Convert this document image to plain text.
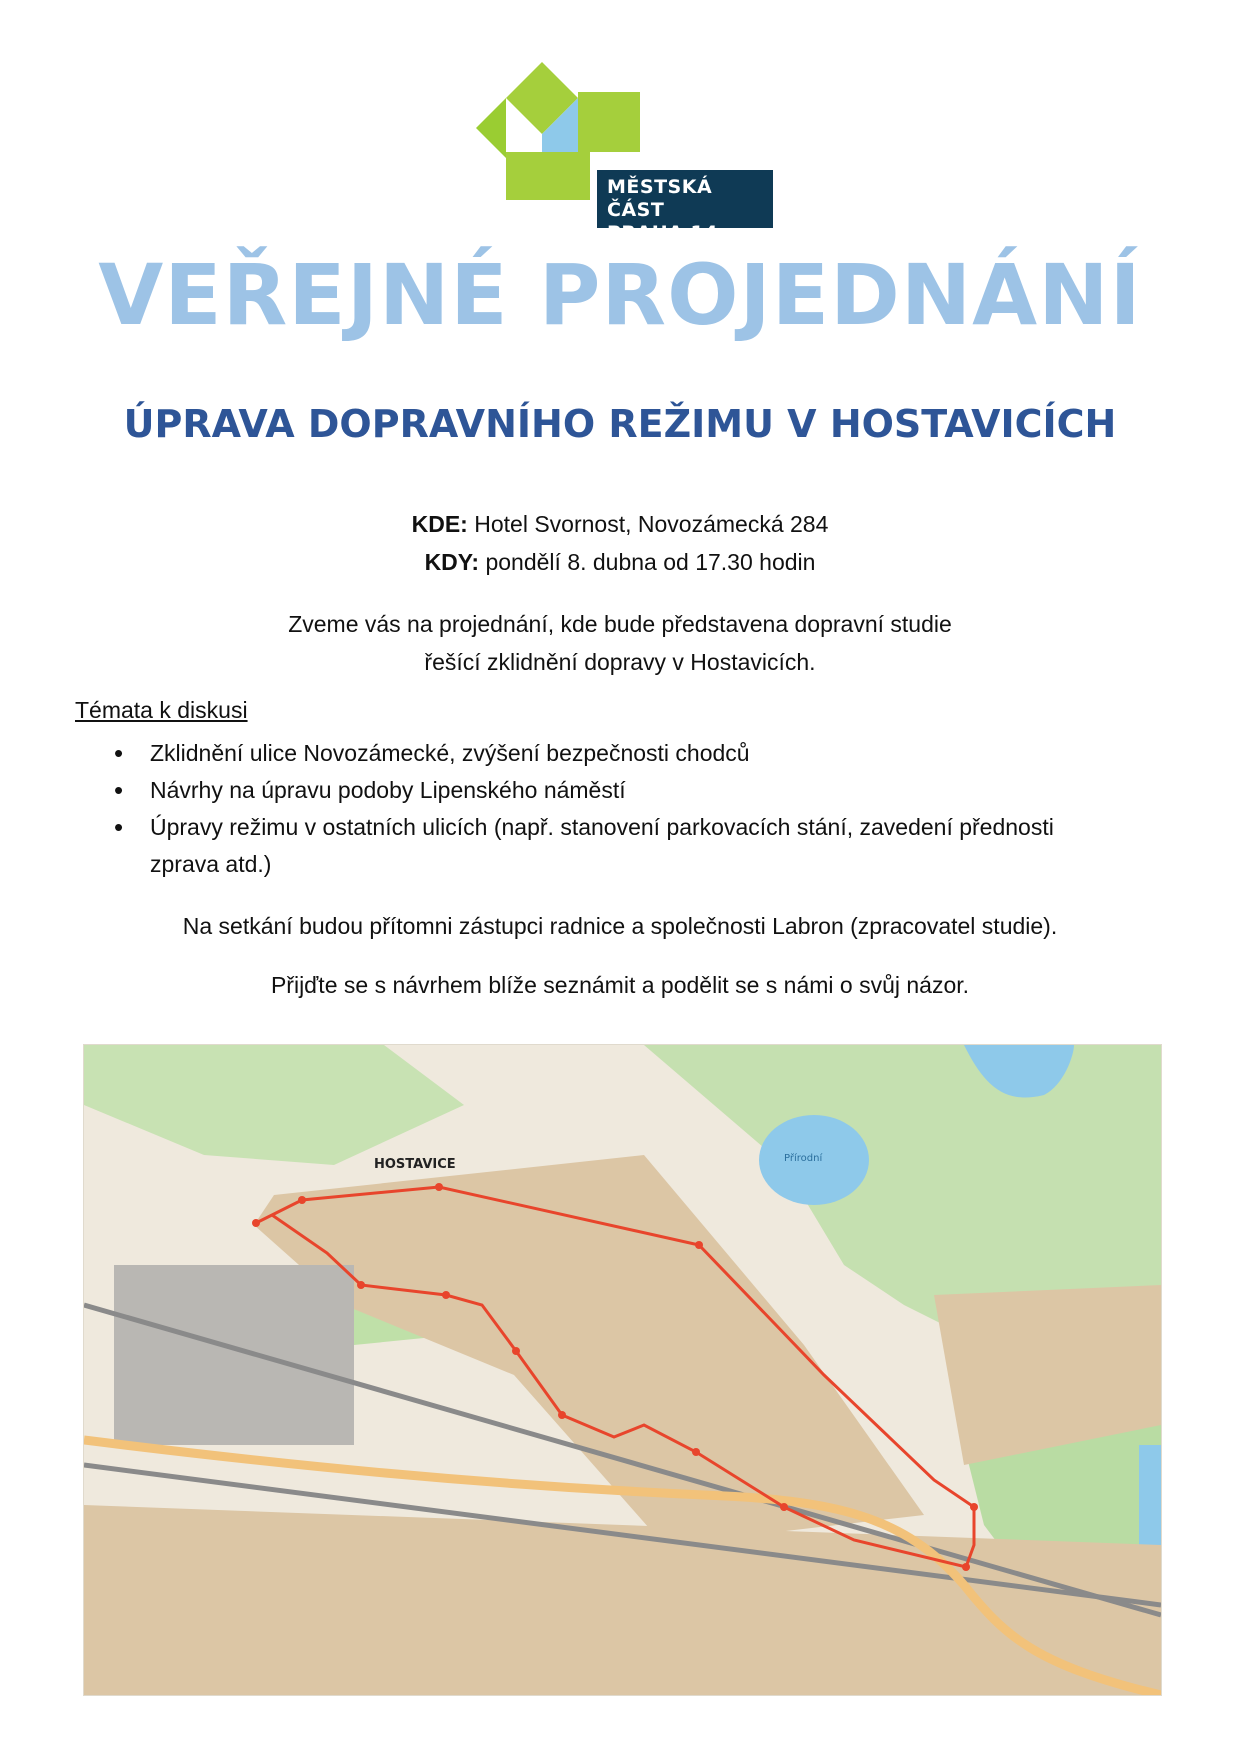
MĚSTSKÁ ČÁST
PRAHA 14
VEŘEJNÉ PROJEDNÁNÍ
ÚPRAVA DOPRAVNÍHO REŽIMU V HOSTAVICÍCH
KDE: Hotel Svornost, Novozámecká 284
KDY: pondělí 8. dubna od 17.30 hodin
Zveme vás na projednání, kde bude představena dopravní studie
řešící zklidnění dopravy v Hostavicích.
Témata k diskusi
• Zklidnění ulice Novozámecké, zvýšení bezpečnosti chodců
• Návrhy na úpravu podoby Lipenského náměstí
• Úpravy režimu v ostatních ulicích (např. stanovení parkovacích stání, zavedení přednosti zprava atd.)
Na setkání budou přítomni zástupci radnice a společnosti Labron (zpracovatel studie).
Přijďte se s návrhem blíže seznámit a podělit se s námi o svůj názor.
HOSTAVICE	Přírodní
